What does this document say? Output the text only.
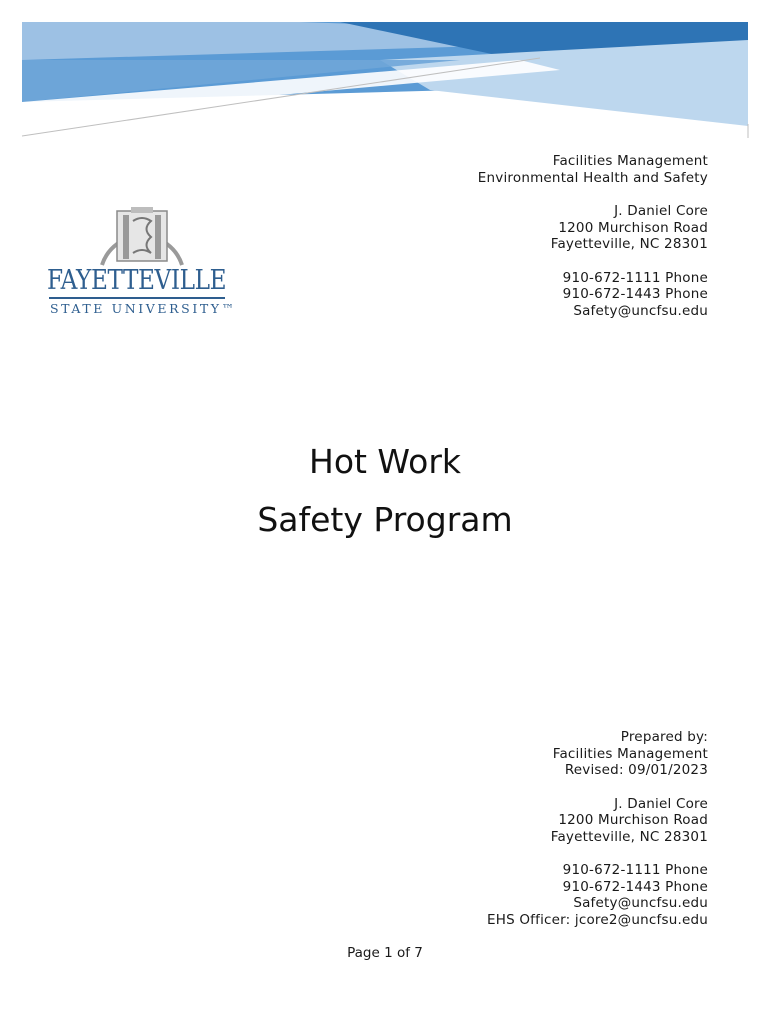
Facilities Management
Environmental Health and Safety
J. Daniel Core
1200 Murchison Road
Fayetteville, NC 28301
910-672-1111 Phone
910-672-1443 Phone
Safety@uncfsu.edu
FAYETTEVILLE
STATE UNIVERSITY™
Hot Work
Safety Program
Prepared by:
Facilities Management
Revised: 09/01/2023
J. Daniel Core
1200 Murchison Road
Fayetteville, NC 28301
910-672-1111 Phone
910-672-1443 Phone
Safety@uncfsu.edu
EHS Officer: jcore2@uncfsu.edu
Page 1 of 7
